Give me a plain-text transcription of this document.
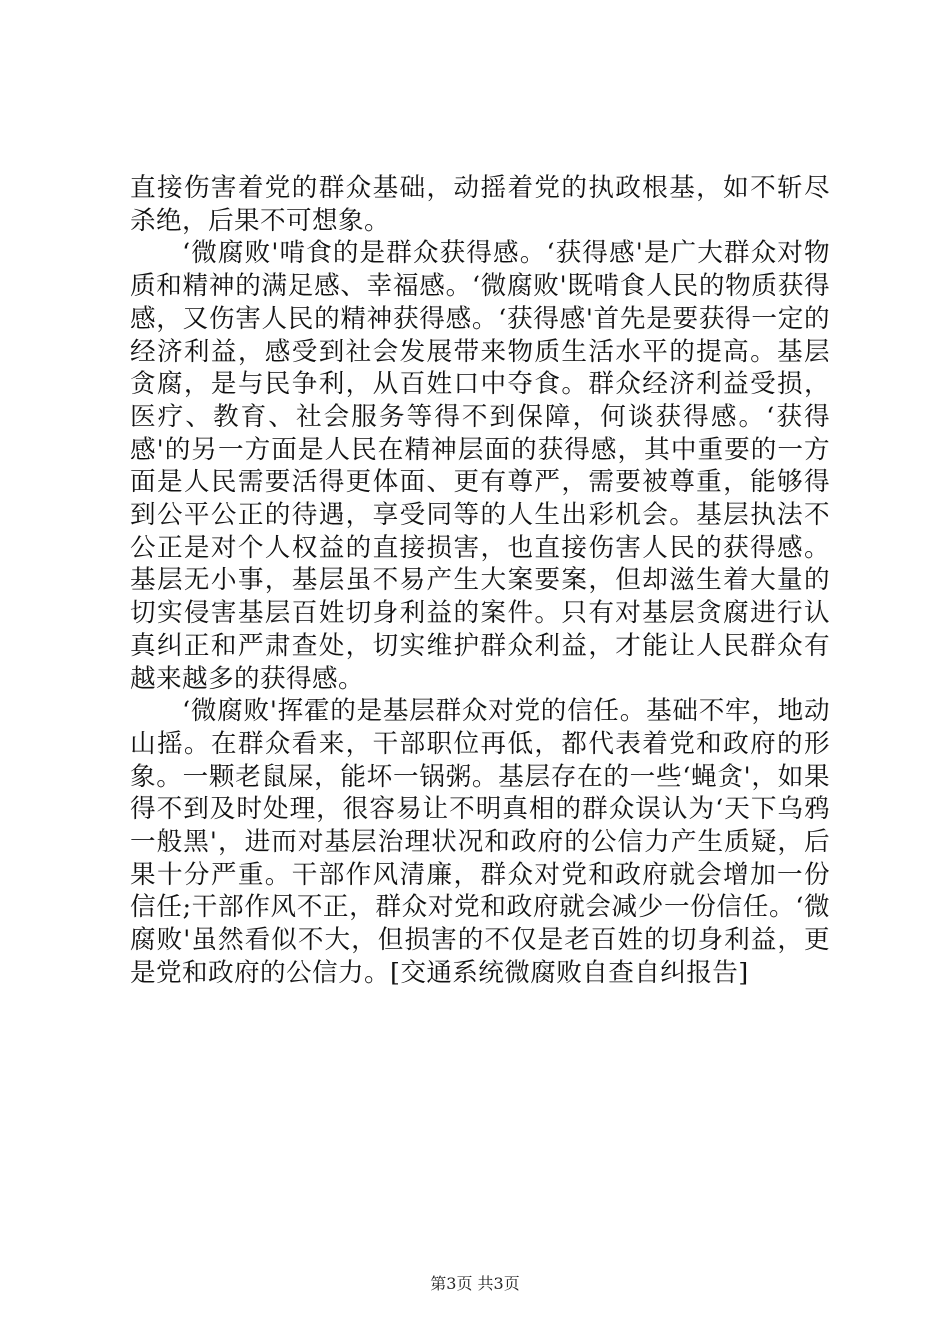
直接伤害着党的群众基础，动摇着党的执政根基，如不斩尽杀绝，后果不可想象。

‘微腐败'啃食的是群众获得感。‘获得感'是广大群众对物质和精神的满足感、幸福感。‘微腐败'既啃食人民的物质获得感，又伤害人民的精神获得感。‘获得感'首先是要获得一定的经济利益，感受到社会发展带来物质生活水平的提高。基层贪腐，是与民争利，从百姓口中夺食。群众经济利益受损，医疗、教育、社会服务等得不到保障，何谈获得感。‘获得感'的另一方面是人民在精神层面的获得感，其中重要的一方面是人民需要活得更体面、更有尊严，需要被尊重，能够得到公平公正的待遇，享受同等的人生出彩机会。基层执法不公正是对个人权益的直接损害，也直接伤害人民的获得感。基层无小事，基层虽不易产生大案要案，但却滋生着大量的切实侵害基层百姓切身利益的案件。只有对基层贪腐进行认真纠正和严肃查处，切实维护群众利益，才能让人民群众有越来越多的获得感。

‘微腐败'挥霍的是基层群众对党的信任。基础不牢，地动山摇。在群众看来，干部职位再低，都代表着党和政府的形象。一颗老鼠屎，能坏一锅粥。基层存在的一些‘蝇贪'，如果得不到及时处理，很容易让不明真相的群众误认为‘天下乌鸦一般黑'，进而对基层治理状况和政府的公信力产生质疑，后果十分严重。干部作风清廉，群众对党和政府就会增加一份信任;干部作风不正，群众对党和政府就会减少一份信任。‘微腐败'虽然看似不大，但损害的不仅是老百姓的切身利益，更是党和政府的公信力。[交通系统微腐败自查自纠报告]

第3页 共3页
